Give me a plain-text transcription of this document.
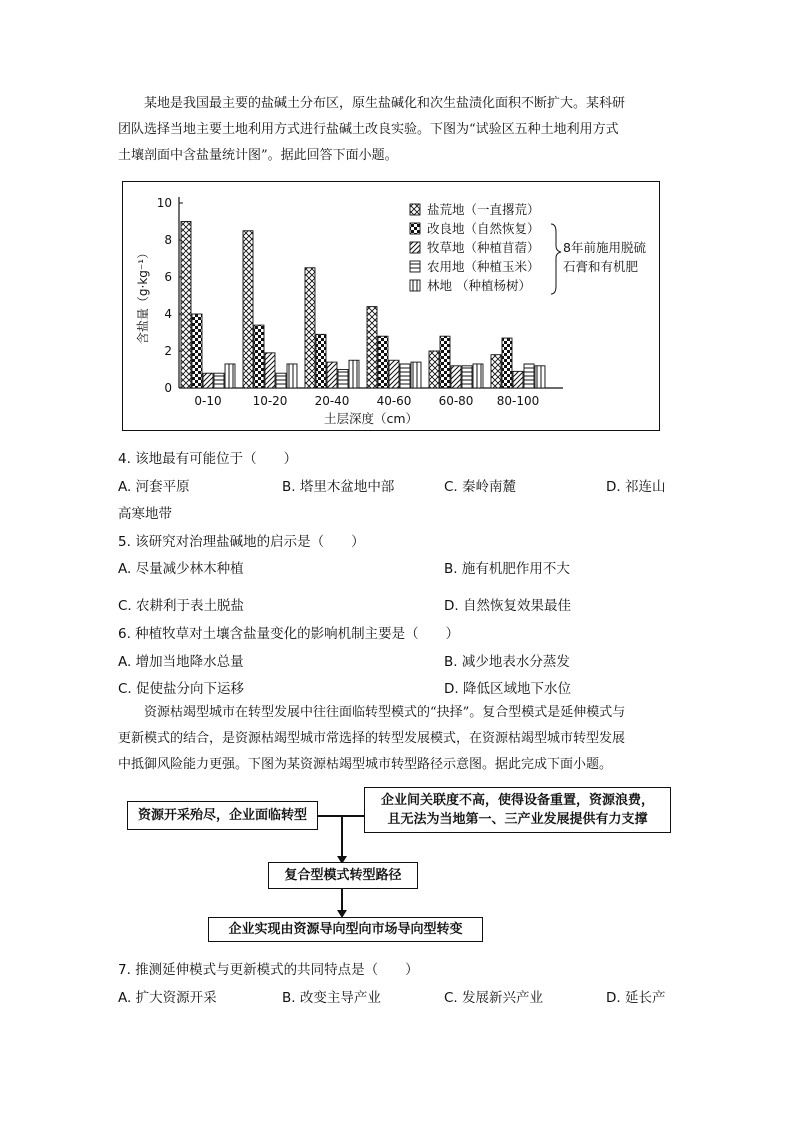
某地是我国最主要的盐碱土分布区，原生盐碱化和次生盐渍化面积不断扩大。某科研

团队选择当地主要土地利用方式进行盐碱土改良实验。下图为“试验区五种土地利用方式

土壤剖面中含盐量统计图”。据此回答下面小题。

0
2
4
6
8
10
含盐量（g·kg⁻¹）
土层深度（cm）
0-10	10-20 20-40 40-60 60-80 80-100
盐荒地（一直撂荒）
改良地（自然恢复）
牧草地（种植苜蓿）
农用地（种植玉米）
林地 （种植杨树）
8年前施用脱硫
石膏和有机肥
4. 该地最有可能位于（　　）
A. 河套平原	B. 塔里木盆地中部	C. 秦岭南麓	D. 祁连山
高寒地带
5. 该研究对治理盐碱地的启示是（　　）
A. 尽量减少林木种植	B. 施有机肥作用不大
C. 农耕利于表土脱盐	D. 自然恢复效果最佳
6. 种植牧草对土壤含盐量变化的影响机制主要是（　　）
A. 增加当地降水总量	B. 减少地表水分蒸发
C. 促使盐分向下运移	D. 降低区域地下水位

资源枯竭型城市在转型发展中往往面临转型模式的“抉择”。复合型模式是延伸模式与

更新模式的结合，是资源枯竭型城市常选择的转型发展模式，在资源枯竭型城市转型发展

中抵御风险能力更强。下图为某资源枯竭型城市转型路径示意图。据此完成下面小题。

资源开采殆尽，企业面临转型
企业间关联度不高，使得设备重置，资源浪费，
且无法为当地第一、三产业发展提供有力支撑
复合型模式转型路径
企业实现由资源导向型向市场导向型转变
7. 推测延伸模式与更新模式的共同特点是（　　）
A. 扩大资源开采	B. 改变主导产业	C. 发展新兴产业	D. 延长产
